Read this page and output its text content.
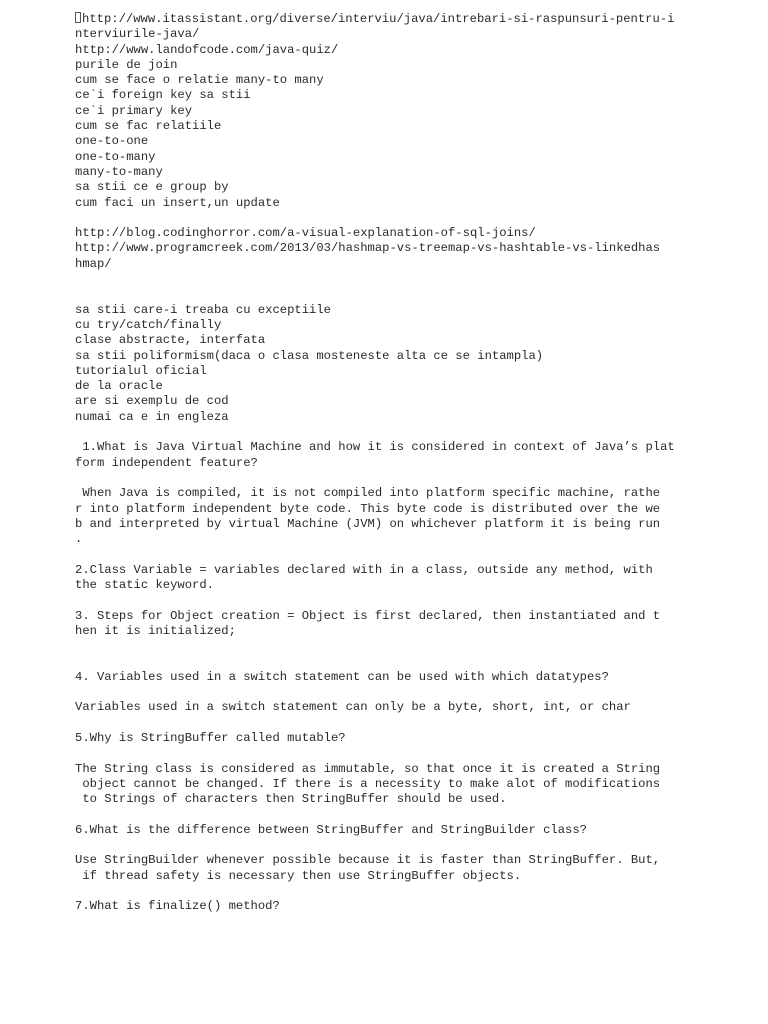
http://www.itassistant.org/diverse/interviu/java/intrebari-si-raspunsuri-pentru-i
nterviurile-java/
http://www.landofcode.com/java-quiz/
purile de join
cum se face o relatie many-to many
ce`i foreign key sa stii
ce`i primary key
cum se fac relatiile
one-to-one
one-to-many
many-to-many
sa stii ce e group by
cum faci un insert,un update
http://blog.codinghorror.com/a-visual-explanation-of-sql-joins/
http://www.programcreek.com/2013/03/hashmap-vs-treemap-vs-hashtable-vs-linkedhas
hmap/
sa stii care-i treaba cu exceptiile
cu try/catch/finally
clase abstracte, interfata
sa stii poliformism(daca o clasa mosteneste alta ce se intampla)
tutorialul oficial
de la oracle
are si exemplu de cod
numai ca e in engleza
1.What is Java Virtual Machine and how it is considered in context of Java’s plat
form independent feature?
When Java is compiled, it is not compiled into platform specific machine, rathe
r into platform independent byte code. This byte code is distributed over the we
b and interpreted by virtual Machine (JVM) on whichever platform it is being run
.
2.Class Variable = variables declared with in a class, outside any method, with
the static keyword.
3. Steps for Object creation = Object is first declared, then instantiated and t
hen it is initialized;
4. Variables used in a switch statement can be used with which datatypes?
Variables used in a switch statement can only be a byte, short, int, or char
5.Why is StringBuffer called mutable?
The String class is considered as immutable, so that once it is created a String
object cannot be changed. If there is a necessity to make alot of modifications
to Strings of characters then StringBuffer should be used.
6.What is the difference between StringBuffer and StringBuilder class?
Use StringBuilder whenever possible because it is faster than StringBuffer. But,
if thread safety is necessary then use StringBuffer objects.
7.What is finalize() method?
